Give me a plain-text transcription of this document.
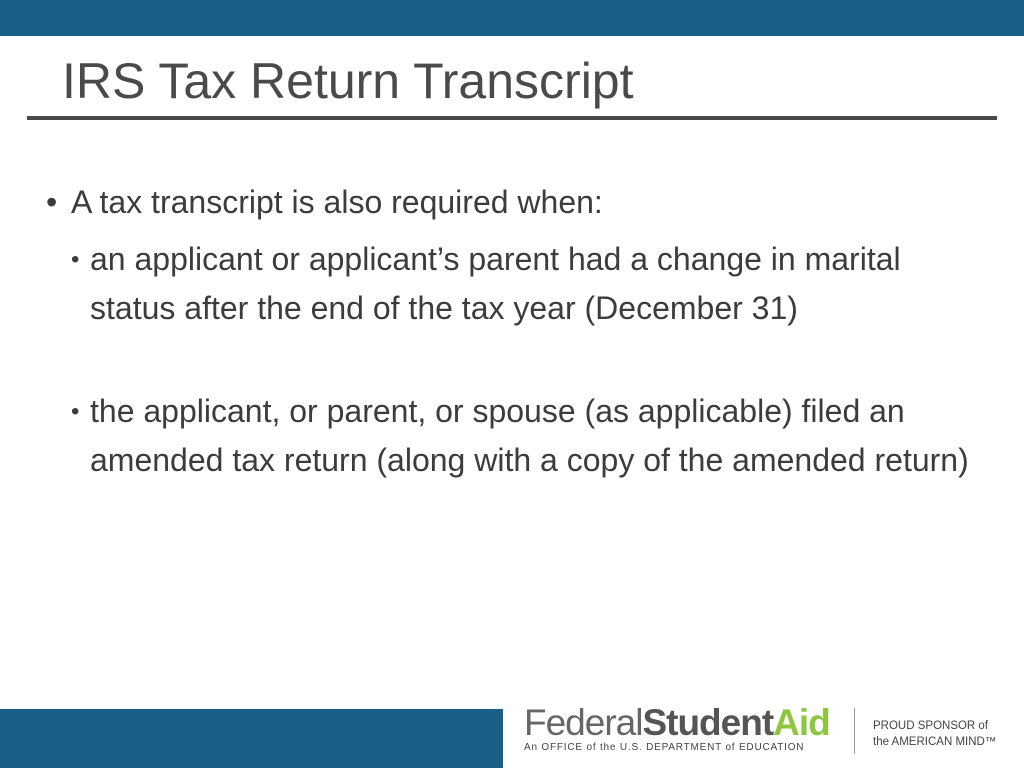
IRS Tax Return Transcript
• A tax transcript is also required when:
• an applicant or applicant’s parent had a change in marital status after the end of the tax year (December 31)
• the applicant, or parent, or spouse (as applicable) filed an amended tax return (along with a copy of the amended return)
FederalStudentAid
An OFFICE of the U.S. DEPARTMENT of EDUCATION
PROUD SPONSOR of
the AMERICAN MIND™
